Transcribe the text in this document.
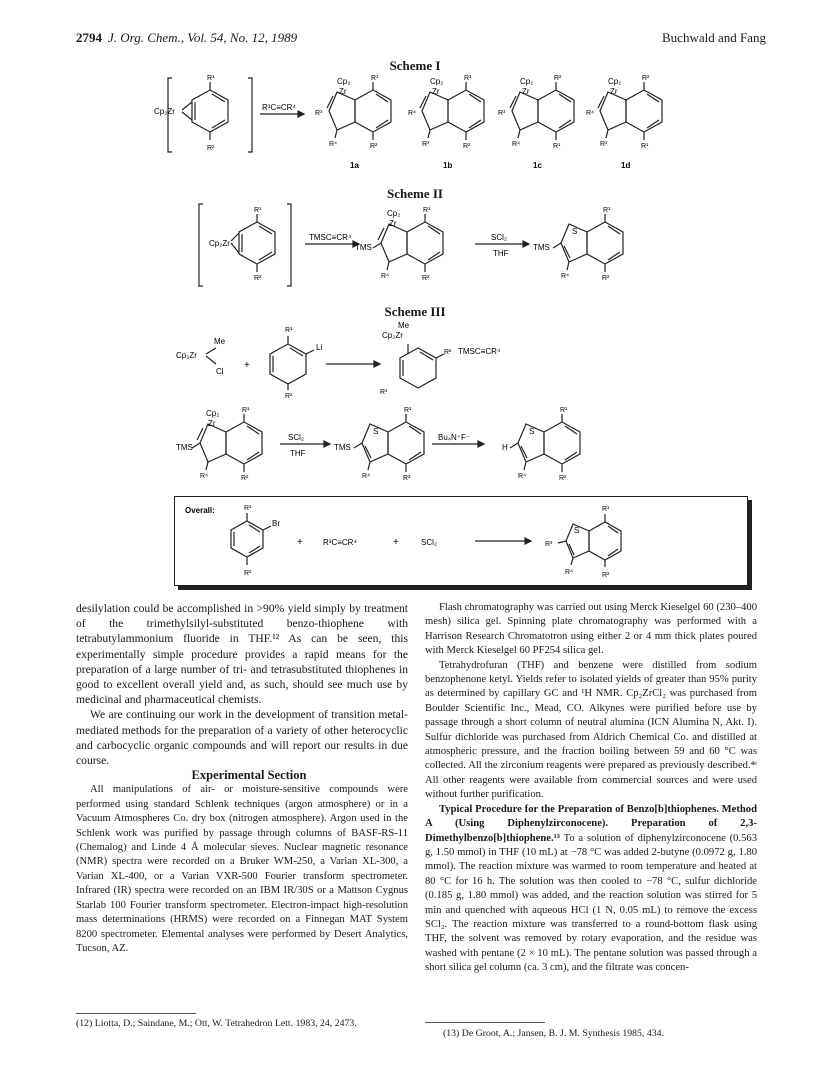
2794 J. Org. Chem., Vol. 54, No. 12, 1989	Buchwald and Fang
Scheme I
Cp₂Zr
R¹
R²
R³C≡CR⁴
Cp₂
Zr
R¹
R³
R⁴	R²
1a
Cp₂
Zr
R¹
R⁴
R³	R²
1b
Cp₂
Zr
R²
R³
R⁴	R¹
1c
Cp₂
Zr
R²
R⁴
R³	R¹
1d
Scheme II
Cp₂Zr
R¹
R²
TMSC≡CR⁴
Cp₂
Zr
TMS
R¹
R⁴	R²
SCl₂
THF
S
TMS
R¹
R⁴	R²
Scheme III
Cp₂Zr
Me
Cl
+
R¹
Li
R²
Cp₂Zr
Me
R²
R¹
TMSC≡CR⁴
Cp₂
Zr
TMS
R¹
R⁴	R²
SCl₂
THF
S
TMS
R¹
R⁴	R²
Bu₄N⁺F⁻
S
H
R¹
R⁴	R²
Overall:	R¹
Br
R²
+	R³C≡CR⁴	+	SCl₂
S
R³
R¹
R⁴	R²

desilylation could be accomplished in >90% yield simply by treatment of the trimethylsilyl-substituted benzo-thiophene with tetrabutylammonium fluoride in THF.¹² As can be seen, this experimentally simple procedure provides a rapid means for the preparation of a large number of tri- and tetrasubstituted thiophenes in good to excellent overall yield and, as such, should see much use by medicinal and pharmaceutical chemists.

We are continuing our work in the development of transition metal-mediated methods for the preparation of a variety of other heterocyclic and carbocyclic organic compounds and will report our results in due course.

Experimental Section

All manipulations of air- or moisture-sensitive compounds were performed using standard Schlenk techniques (argon atmosphere) or in a Vacuum Atmospheres Co. dry box (nitrogen atmosphere). Argon used in the Schlenk work was purified by passage through columns of BASF-RS-11 (Chemalog) and Linde 4 Å molecular sieves. Nuclear magnetic resonance (NMR) spectra were recorded on a Bruker WM-250, a Varian XL-300, a Varian XL-400, or a Varian VXR-500 Fourier transform spectrometer. Infrared (IR) spectra were recorded on an IBM IR/30S or a Mattson Cygnus Starlab 100 Fourier transform spectrometer. Electron-impact high-resolution mass determinations (HRMS) were recorded on a Finnegan MAT System 8200 spectrometer. Elemental analyses were performed by Desert Analytics, Tucson, AZ.

(12) Liotta, D.; Saindane, M.; Ott, W. Tetrahedron Lett. 1983, 24, 2473.

Flash chromatography was carried out using Merck Kieselgel 60 (230–400 mesh) silica gel. Spinning plate chromatography was performed with a Harrison Research Chromatotron using either 2 or 4 mm thick plates poured with Merck Kieselgel 60 PF254 silica gel.

Tetrahydrofuran (THF) and benzene were distilled from sodium benzophenone ketyl. Yields refer to isolated yields of greater than 95% purity as determined by capillary GC and ¹H NMR. Cp₂ZrCl₂ was purchased from Boulder Scientific Inc., Mead, CO. Alkynes were purified before use by passage through a short column of neutral alumina (ICN Alumina N, Akt. I). Sulfur dichloride was purchased from Aldrich Chemical Co. and distilled at atmospheric pressure, and the fraction boiling between 59 and 60 °C was collected. All the zirconium reagents were prepared as previously described.⁴ᵉ All other reagents were available from commercial sources and were used without further purification.

Typical Procedure for the Preparation of Benzo[b]thiophenes. Method A (Using Diphenylzirconocene). Preparation of 2,3-Dimethylbenzo[b]thiophene.¹³ To a solution of diphenylzirconocene (0.563 g, 1.50 mmol) in THF (10 mL) at −78 °C was added 2-butyne (0.0972 g, 1.80 mmol). The reaction mixture was warmed to room temperature and heated at 80 °C for 16 h. The solution was then cooled to −78 °C, sulfur dichloride (0.185 g, 1.80 mmol) was added, and the reaction solution was stirred for 5 min and quenched with aqueous HCl (1 N, 0.05 mL) to remove the excess SCl₂. The reaction mixture was transferred to a round-bottom flask using THF, the solvent was removed by rotary evaporation, and the residue was washed with pentane (2 × 10 mL). The pentane solution was passed through a short silica gel column (ca. 3 cm), and the filtrate was concen-

(13) De Groot, A.; Jansen, B. J. M. Synthesis 1985, 434.
